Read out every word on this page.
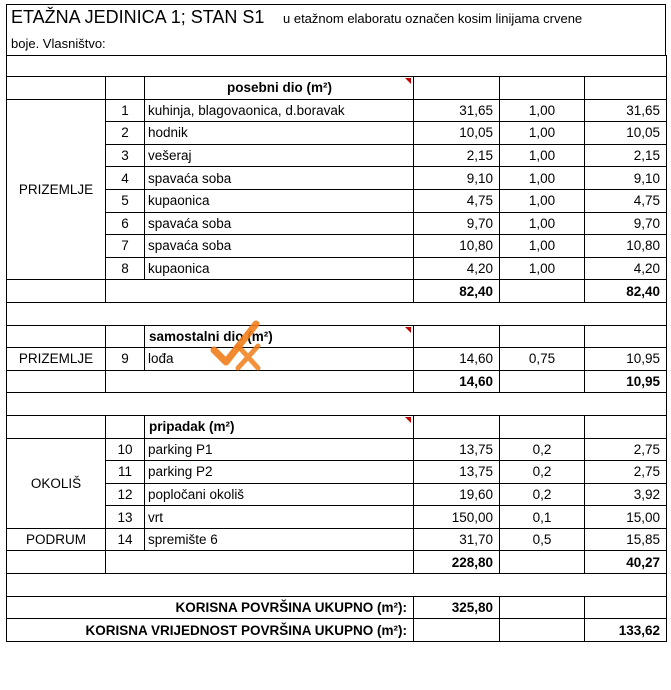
ETAŽNA JEDINICA 1; STAN S1 u etažnom elaboratu označen kosim linijama crvene
boje. Vlasništvo:

		posebni dio (m²)

PRIZEMLJE	1	kuhinja, blagovaonica, d.boravak	31,65	1,00	31,65
	2	hodnik	10,05	1,00	10,05
	3	vešeraj	2,15	1,00	2,15
	4	spavaća soba	9,10	1,00	9,10
	5	kupaonica	4,75	1,00	4,75
	6	spavaća soba	9,70	1,00	9,70
	7	spavaća soba	10,80	1,00	10,80
	8	kupaonica	4,20	1,00	4,20
			82,40		82,40

		samostalni dio (m²)

PRIZEMLJE	9	lođa	14,60	0,75	10,95
			14,60		10,95

		pripadak (m²)

OKOLIŠ	10	parking P1	13,75	0,2	2,75
	11	parking P2	13,75	0,2	2,75
	12	popločani okoliš	19,60	0,2	3,92
	13	vrt	150,00	0,1	15,00
PODRUM	14	spremište 6	31,70	0,5	15,85
			228,80		40,27

KORISNA POVRŠINA UKUPNO (m²):			325,80		
KORISNA VRIJEDNOST POVRŠINA UKUPNO (m²):					133,62
